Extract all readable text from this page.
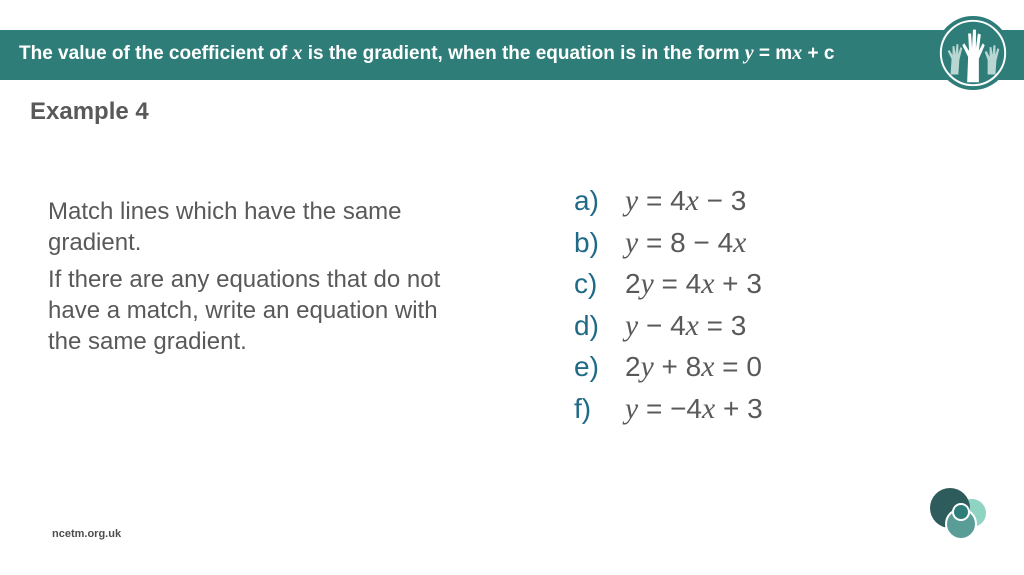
The value of the coefficient of x is the gradient, when the equation is in the form y = mx + c
Example 4

Match lines which have the same gradient.

If there are any equations that do not have a match, write an equation with the same gradient.

a) y = 4x − 3
b) y = 8 − 4x
c) 2y = 4x + 3
d) y − 4x = 3
e) 2y + 8x = 0
f) y = −4x + 3
ncetm.org.uk
